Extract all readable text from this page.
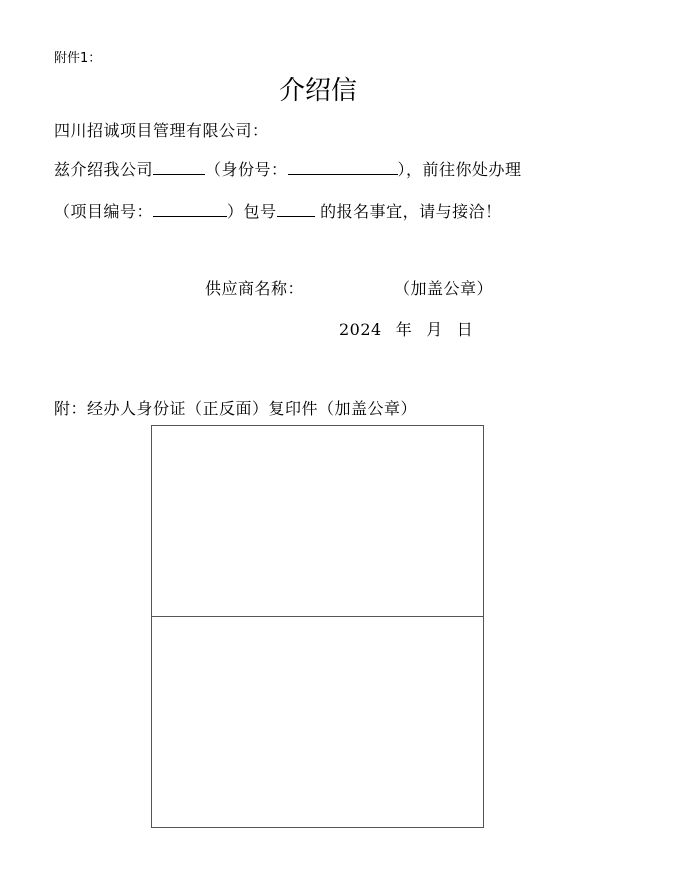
附件1：
介绍信
四川招诚项目管理有限公司：
兹介绍我公司	（身份号：	），前往你处办理
（项目编号：	）包号	的报名事宜，请与接洽！
供应商名称：	（加盖公章）
2024 年 月 日
附：经办人身份证（正反面）复印件（加盖公章）
